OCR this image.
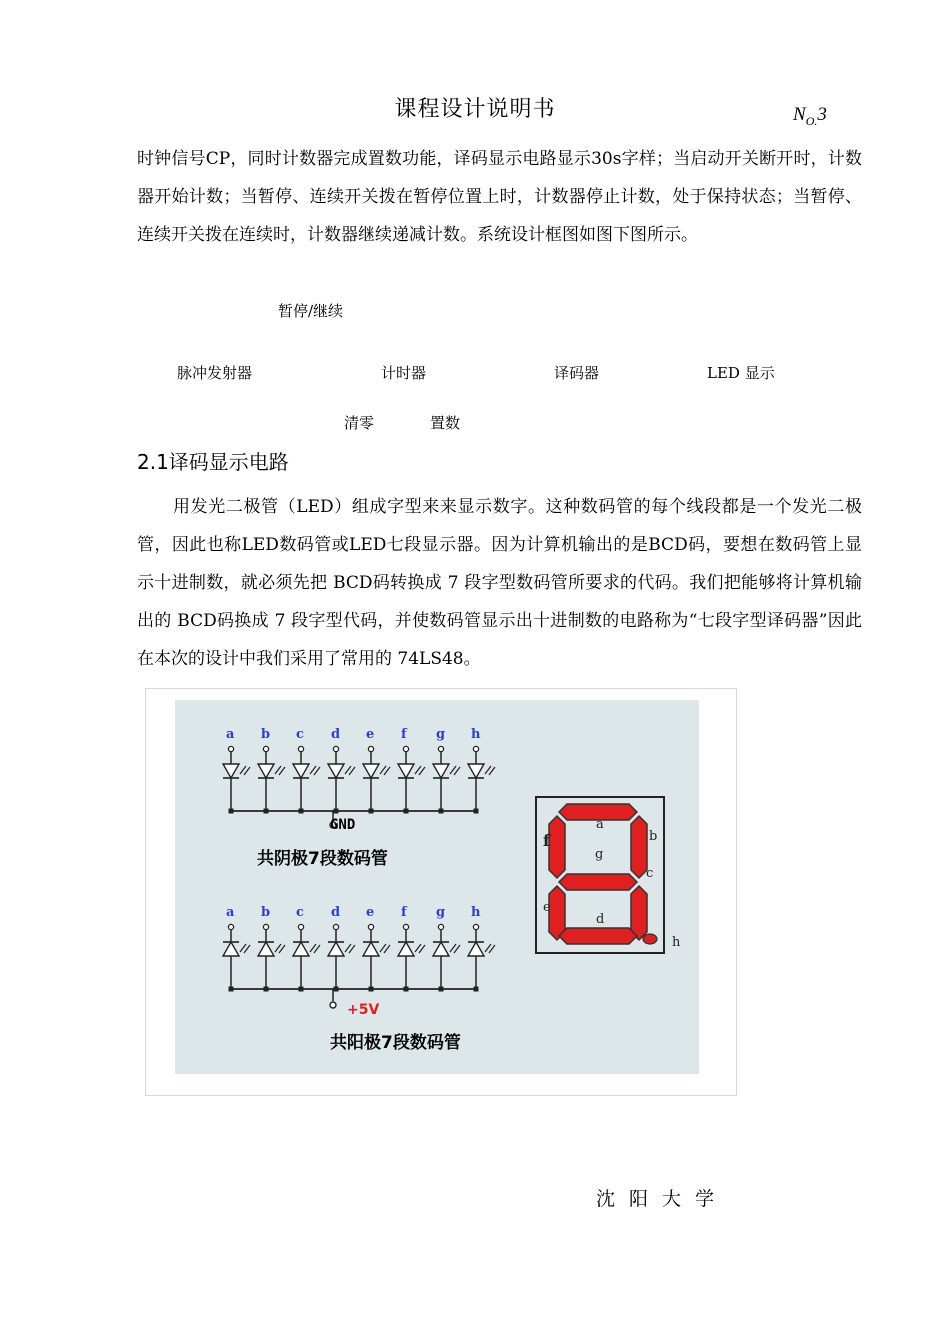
课程设计说明书	$N_{O.}3$

时钟信号CP，同时计数器完成置数功能，译码显示电路显示30s字样；当启动开关断开时，计数器开始计数；当暂停、连续开关拨在暂停位置上时，计数器停止计数，处于保持状态；当暂停、连续开关拨在连续时，计数器继续递减计数。系统设计框图如图下图所示。

暂停/继续
脉冲发射器	计时器	译码器	LED 显示
清零	置数
2.1译码显示电路

用发光二极管（LED）组成字型来来显示数字。这种数码管的每个线段都是一个发光二极管，因此也称LED数码管或LED七段显示器。因为计算机输出的是BCD码，要想在数码管上显示十进制数，就必须先把 BCD码转换成 7 段字型数码管所要求的代码。我们把能够将计算机输出的 BCD码换成 7 段字型代码，并使数码管显示出十进制数的电路称为“七段字型译码器”因此在本次的设计中我们采用了常用的 74LS48。

a b c d e f g h
a b c d e f g h
GND
共阴极7段数码管
+5V
共阳极7段数码管
a
b
f
g
c
e
d
h
沈阳大学
